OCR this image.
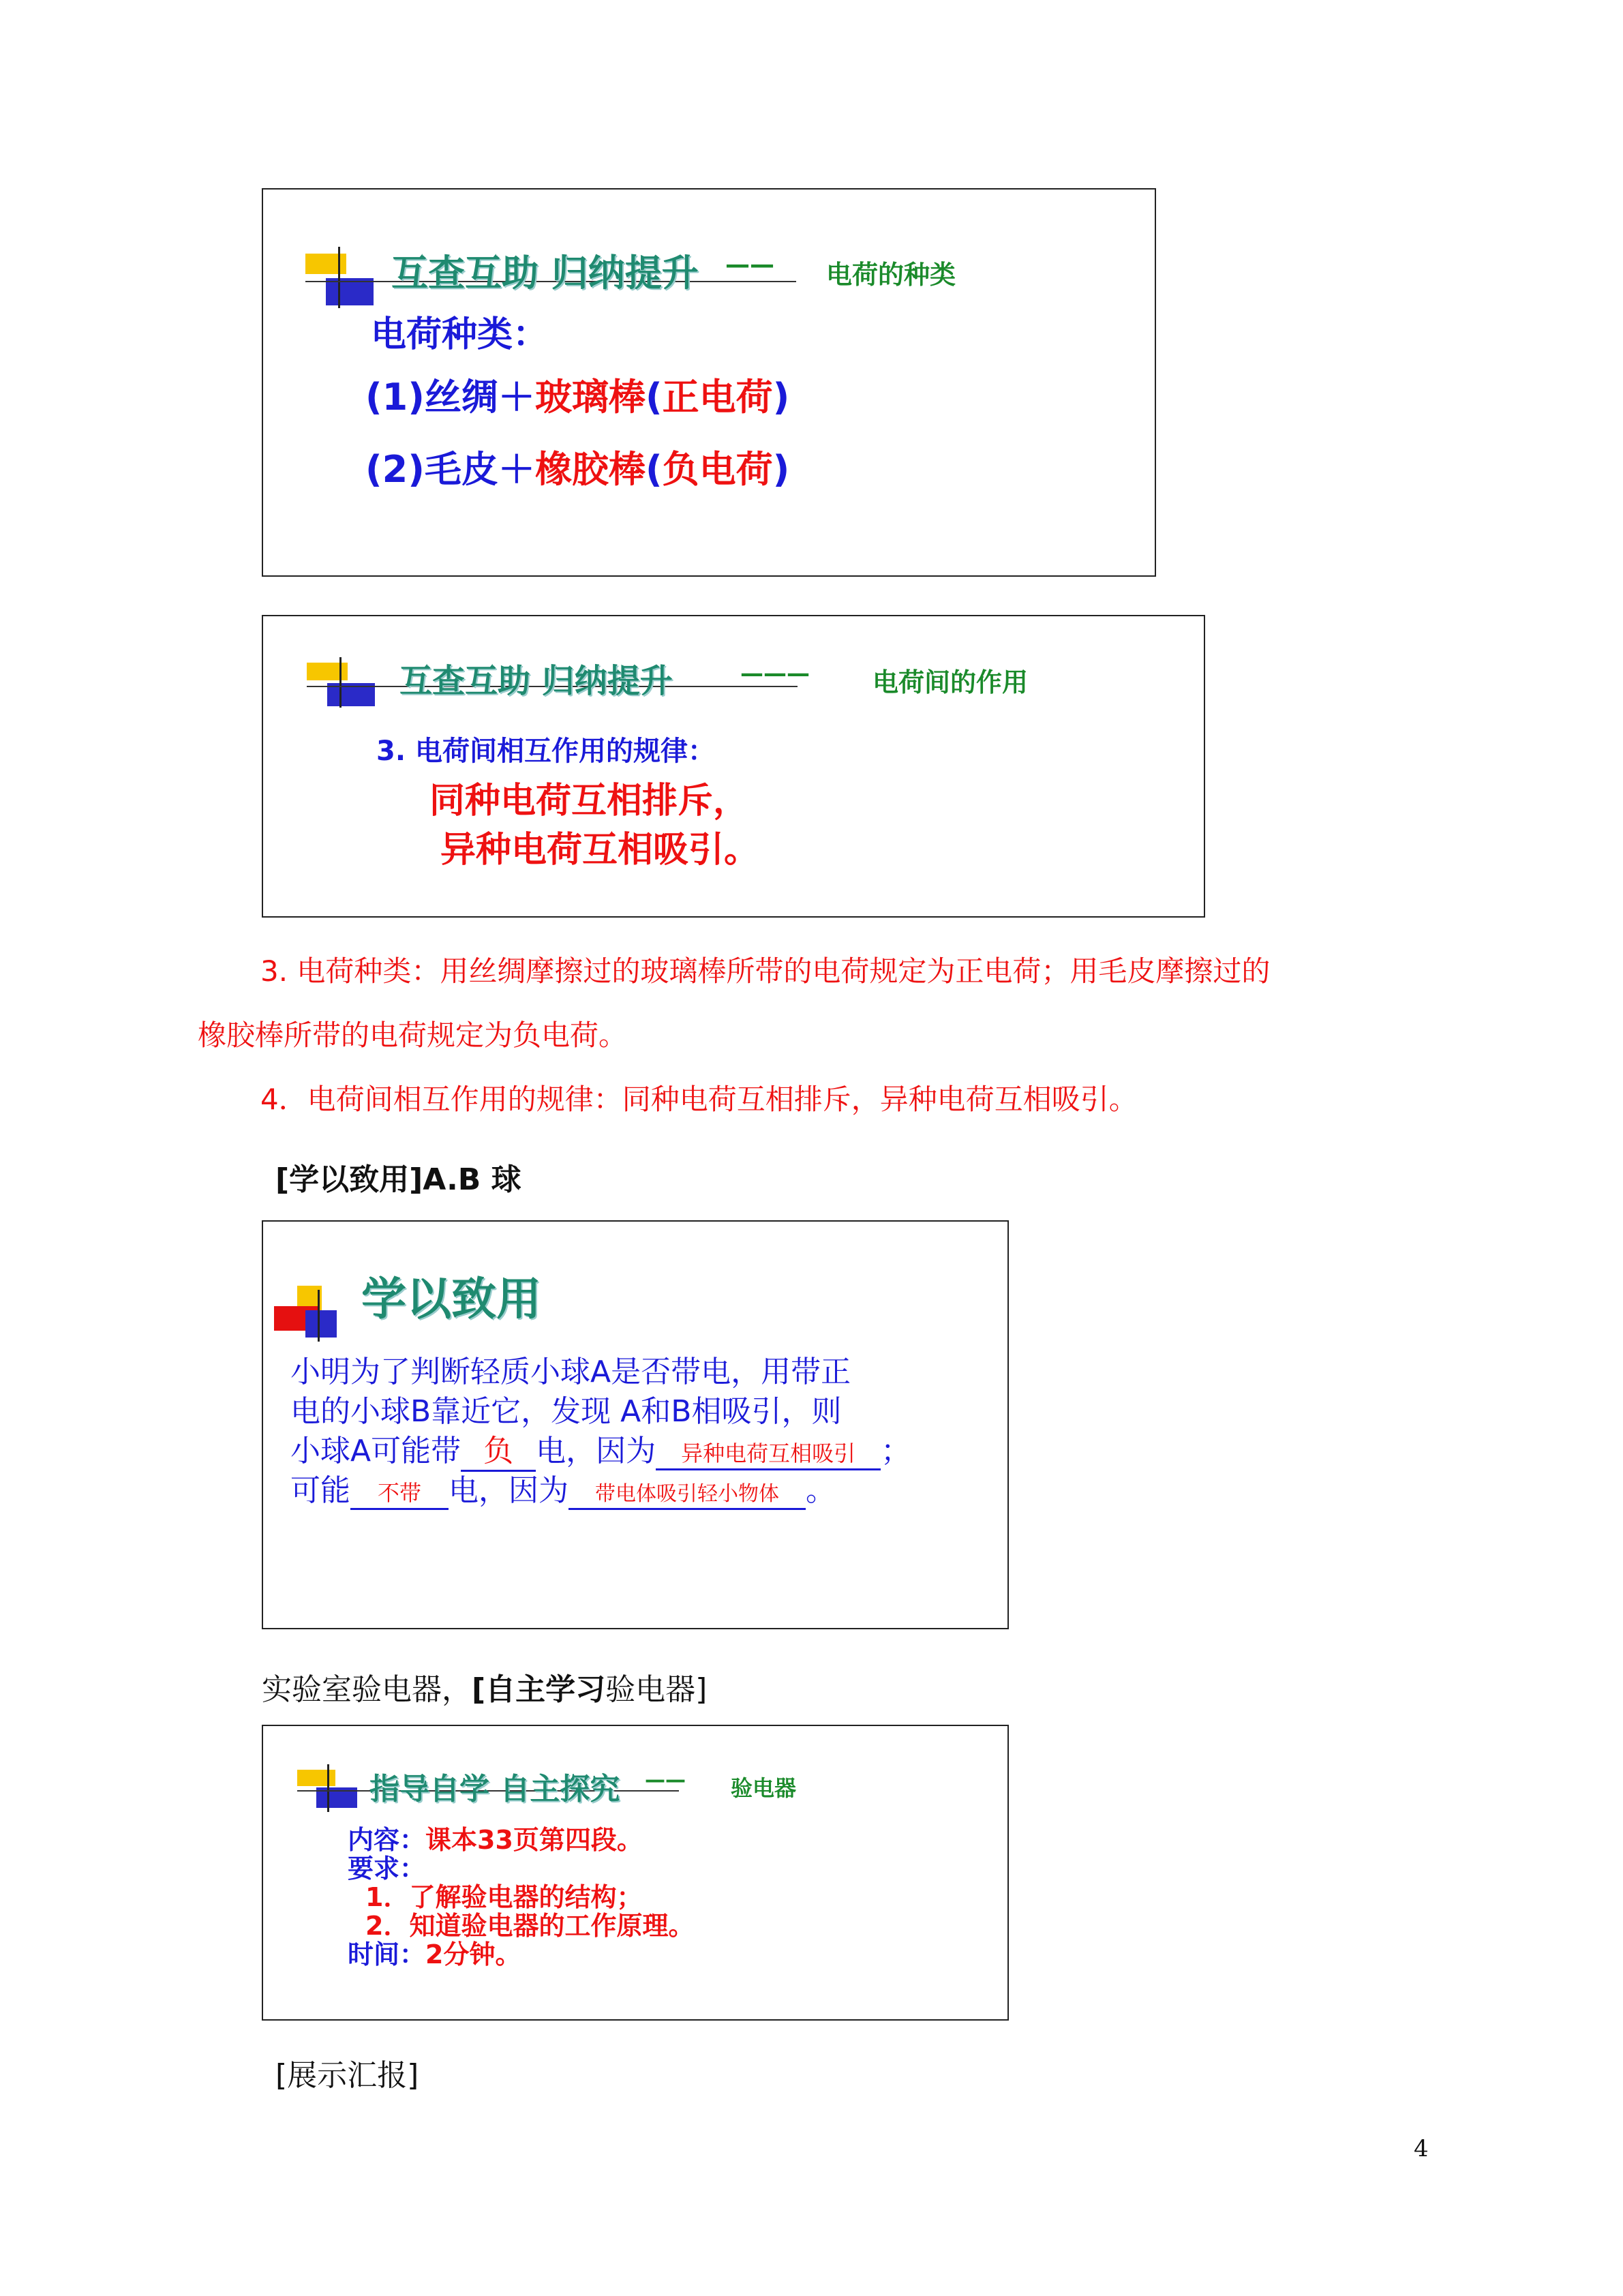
互查互助 归纳提升 —— 电荷的种类
电荷种类：
(1)丝绸＋玻璃棒(正电荷)
(2)毛皮＋橡胶棒(负电荷)
互查互助 归纳提升	——— 电荷间的作用
3. 电荷间相互作用的规律：
同种电荷互相排斥，
异种电荷互相吸引。
3. 电荷种类：用丝绸摩擦过的玻璃棒所带的电荷规定为正电荷；用毛皮摩擦过的
橡胶棒所带的电荷规定为负电荷。
4．电荷间相互作用的规律：同种电荷互相排斥，异种电荷互相吸引。
[学以致用]A.B 球
学以致用
小明为了判断轻质小球A是否带电，用带正
电的小球B靠近它，发现 A和B相吸引，则
小球A可能带 负 电，因为 异种电荷互相吸引 ；
可能 不带 电，因为 带电体吸引轻小物体 。
实验室验电器，[自主学习验电器]
指导自学 自主探究 —— 验电器
内容：课本33页第四段。
要求：
1．了解验电器的结构；
2．知道验电器的工作原理。
时间：2分钟。
[展示汇报]
4
